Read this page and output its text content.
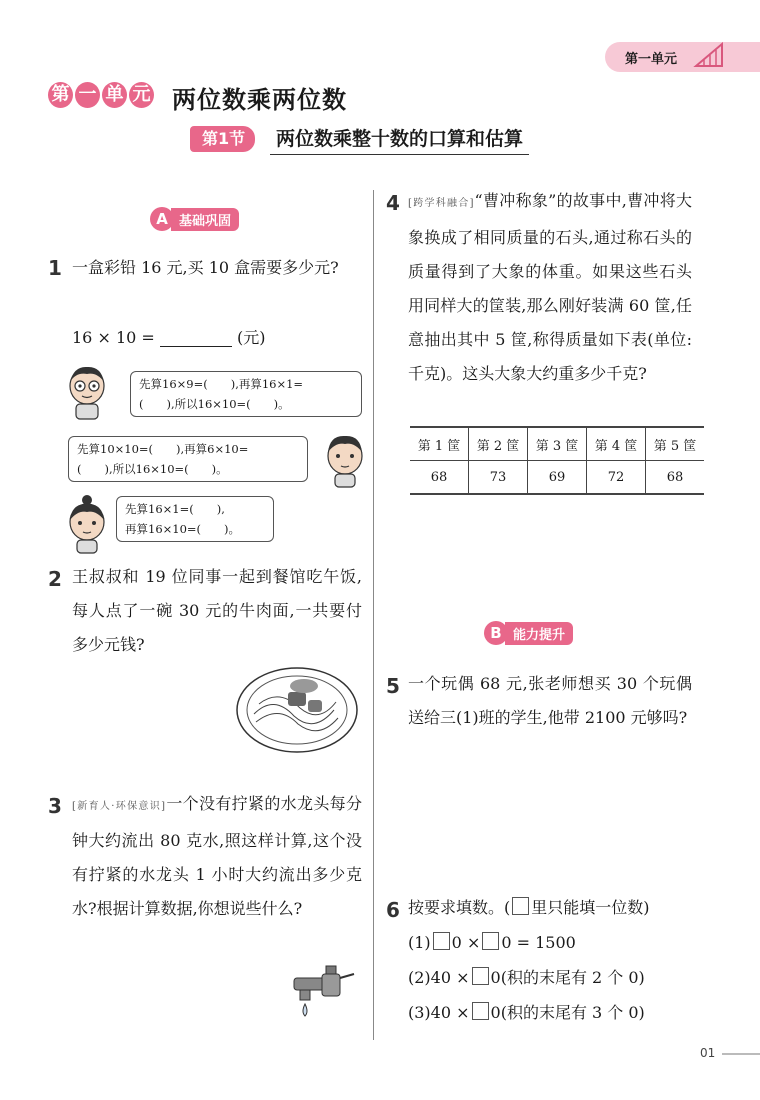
第一单元
第 一 单 元 两位数乘两位数
第1节	两位数乘整十数的口算和估算
A 基础巩固
1 一盒彩铅 16 元,买 10 盒需要多少元?
16 × 10 =	(元)
先算16×9=(　　),再算16×1=
(　　),所以16×10=(　　)。
先算10×10=(　　),再算6×10=
(　　),所以16×10=(　　)。
先算16×1=(　　),
再算16×10=(　　)。
2 王叔叔和 19 位同事一起到餐馆吃午饭,每人点了一碗 30 元的牛肉面,一共要付多少元钱?
3 [新育人·环保意识]一个没有拧紧的水龙头每分钟大约流出 80 克水,照这样计算,这个没有拧紧的水龙头 1 小时大约流出多少克水?根据计算数据,你想说些什么?
4 [跨学科融合]“曹冲称象”的故事中,曹冲将大象换成了相同质量的石头,通过称石头的质量得到了大象的体重。如果这些石头用同样大的筐装,那么刚好装满 60 筐,任意抽出其中 5 筐,称得质量如下表(单位:千克)。这头大象大约重多少千克?
第 1 筐	第 2 筐	第 3 筐	第 4 筐	第 5 筐
68	73	69	72	68
B 能力提升
5 一个玩偶 68 元,张老师想买 30 个玩偶送给三(1)班的学生,他带 2100 元够吗?
6 按要求填数。( 里只能填一位数)
(1) 0 × 0 = 1500
(2)40 × 0(积的末尾有 2 个 0)
(3)40 × 0(积的末尾有 3 个 0)
01
